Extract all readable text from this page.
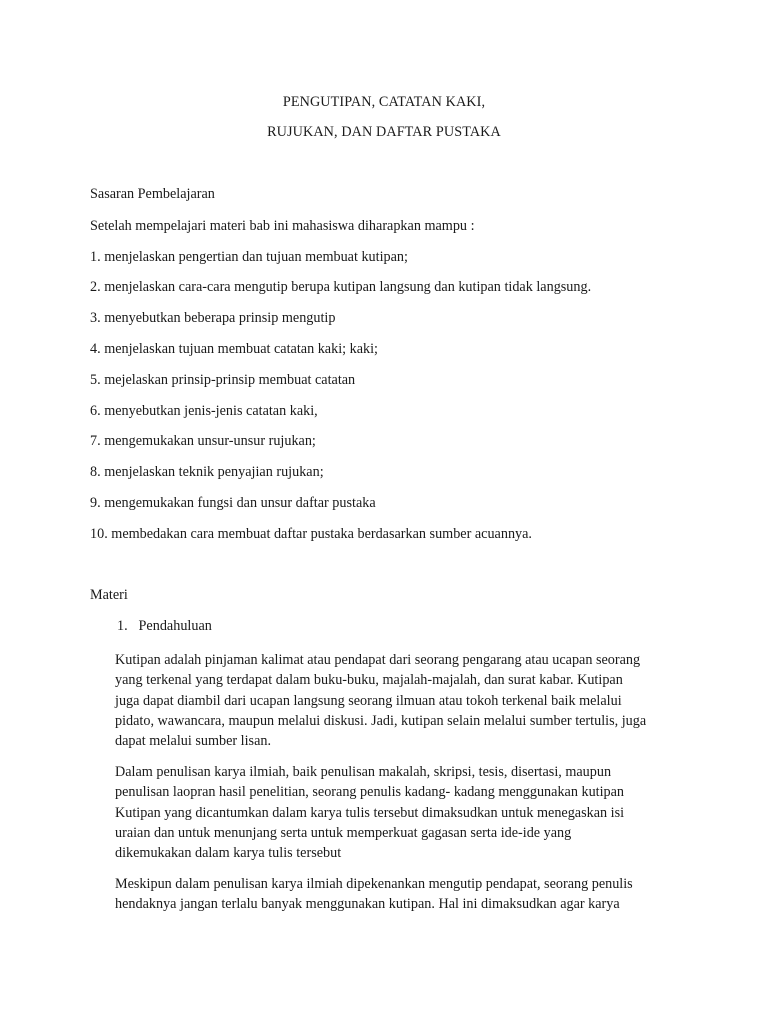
PENGUTIPAN, CATATAN KAKI,
RUJUKAN, DAN DAFTAR PUSTAKA
Sasaran Pembelajaran
Setelah mempelajari materi bab ini mahasiswa diharapkan mampu :
1. menjelaskan pengertian dan tujuan membuat kutipan;
2. menjelaskan cara-cara mengutip berupa kutipan langsung dan kutipan tidak langsung.
3. menyebutkan beberapa prinsip mengutip
4. menjelaskan tujuan membuat catatan kaki; kaki;
5. mejelaskan prinsip-prinsip membuat catatan
6. menyebutkan jenis-jenis catatan kaki,
7. mengemukakan unsur-unsur rujukan;
8. menjelaskan teknik penyajian rujukan;
9. mengemukakan fungsi dan unsur daftar pustaka
10. membedakan cara membuat daftar pustaka berdasarkan sumber acuannya.
Materi
1. Pendahuluan

Kutipan adalah pinjaman kalimat atau pendapat dari seorang pengarang atau ucapan seorang

yang terkenal yang terdapat dalam buku-buku, majalah-majalah, dan surat kabar. Kutipan

juga dapat diambil dari ucapan langsung seorang ilmuan atau tokoh terkenal baik melalui

pidato, wawancara, maupun melalui diskusi. Jadi, kutipan selain melalui sumber tertulis, juga

dapat melalui sumber lisan.

Dalam penulisan karya ilmiah, baik penulisan makalah, skripsi, tesis, disertasi, maupun

penulisan laopran hasil penelitian, seorang penulis kadang- kadang menggunakan kutipan

Kutipan yang dicantumkan dalam karya tulis tersebut dimaksudkan untuk menegaskan isi

uraian dan untuk menunjang serta untuk memperkuat gagasan serta ide-ide yang

dikemukakan dalam karya tulis tersebut

Meskipun dalam penulisan karya ilmiah dipekenankan mengutip pendapat, seorang penulis

hendaknya jangan terlalu banyak menggunakan kutipan. Hal ini dimaksudkan agar karya
